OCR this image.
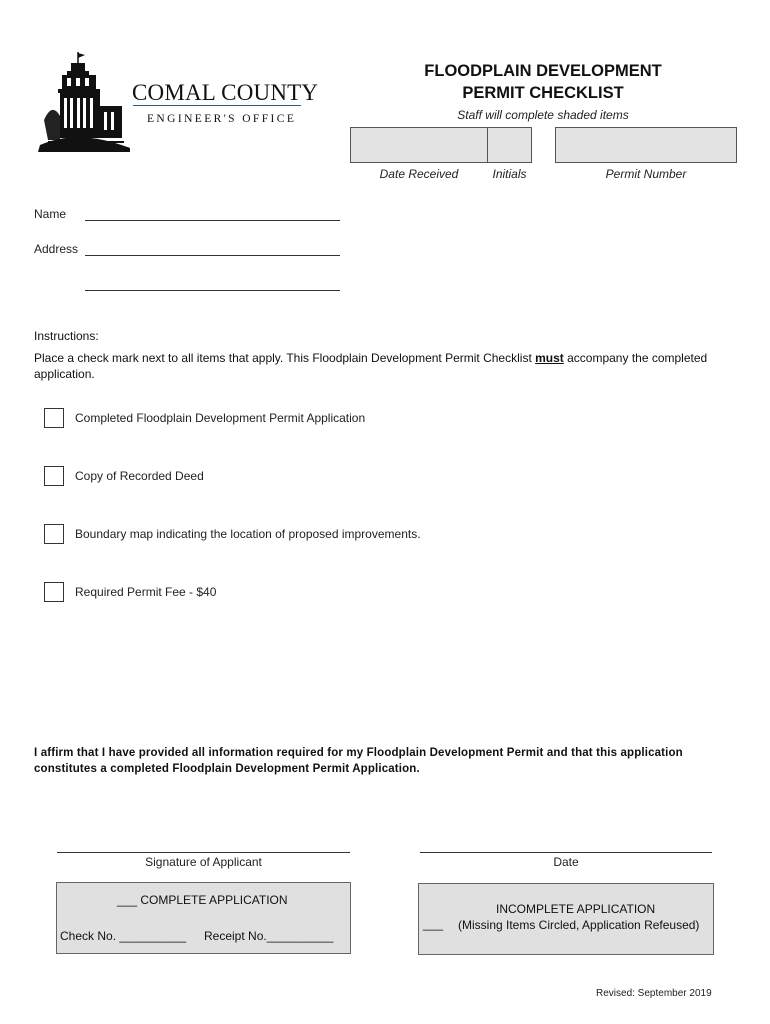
COMAL COUNTY
ENGINEER'S OFFICE
FLOODPLAIN DEVELOPMENT
PERMIT CHECKLIST
Staff will complete shaded items
Date Received	Initials	Permit Number
Name
Address
Instructions:
Place a check mark next to all items that apply. This Floodplain Development Permit Checklist must accompany the completed application.
Completed Floodplain Development Permit Application
Copy of Recorded Deed
Boundary map indicating the location of proposed improvements.
Required Permit Fee - $40
I affirm that I have provided all information required for my Floodplain Development Permit and that this application constitutes a completed Floodplain Development Permit Application.
Signature of Applicant	Date
___ COMPLETE APPLICATION
Check No. __________ Receipt No.__________
INCOMPLETE APPLICATION
___ (Missing Items Circled, Application Refeused)
Revised: September 2019
